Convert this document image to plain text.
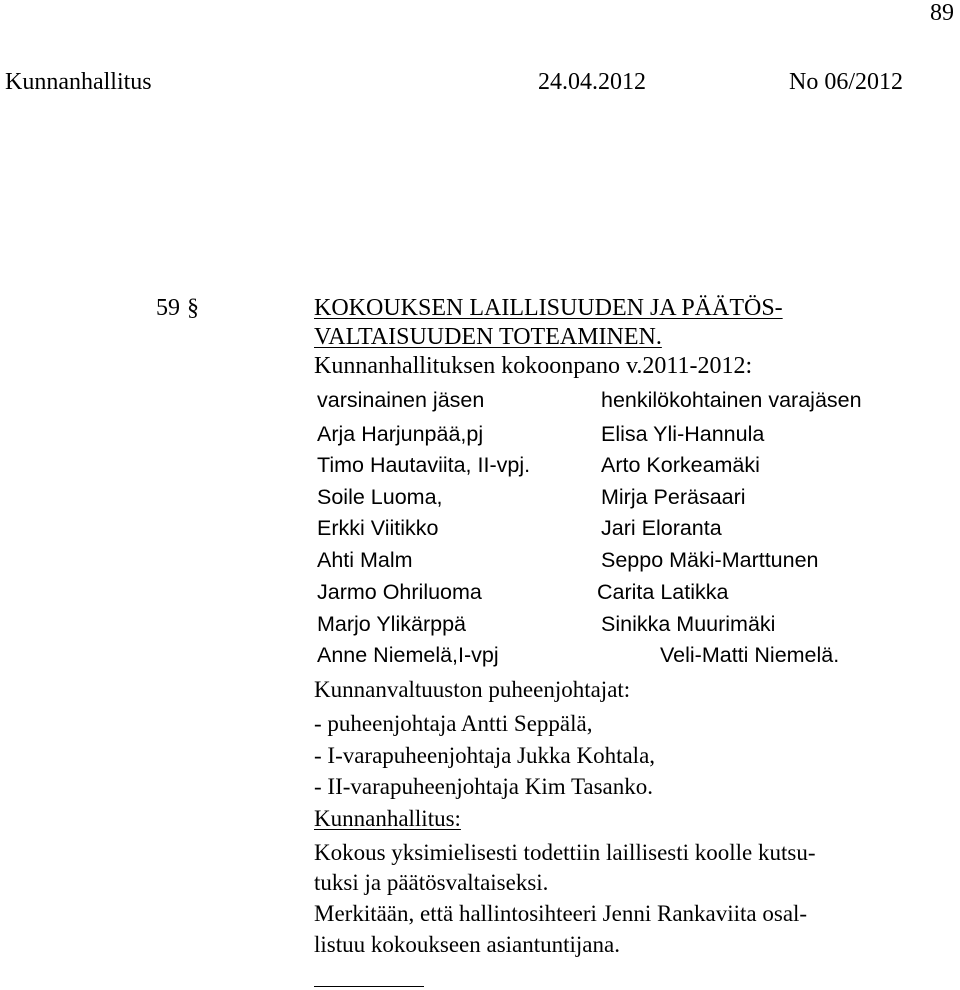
89
Kunnanhallitus	24.04.2012	No 06/2012
59 §	KOKOUKSEN LAILLISUUDEN JA PÄÄTÖS-
VALTAISUUDEN TOTEAMINEN.
Kunnanhallituksen kokoonpano v.2011-2012:
varsinainen jäsen	henkilökohtainen varajäsen
Arja Harjunpää,pj	Elisa Yli-Hannula
Timo Hautaviita, II-vpj.	Arto Korkeamäki
Soile Luoma,	Mirja Peräsaari
Erkki Viitikko	Jari Eloranta
Ahti Malm	Seppo Mäki-Marttunen
Jarmo Ohriluoma	Carita Latikka
Marjo Ylikärppä	Sinikka Muurimäki
Anne Niemelä,I-vpj	Veli-Matti Niemelä.
Kunnanvaltuuston puheenjohtajat:
- puheenjohtaja Antti Seppälä,
- I-varapuheenjohtaja Jukka Kohtala,
- II-varapuheenjohtaja Kim Tasanko.
Kunnanhallitus:
Kokous yksimielisesti todettiin laillisesti koolle kutsu-
tuksi ja päätösvaltaiseksi.
Merkitään, että hallintosihteeri Jenni Rankaviita osal-
listuu kokoukseen asiantuntijana.
